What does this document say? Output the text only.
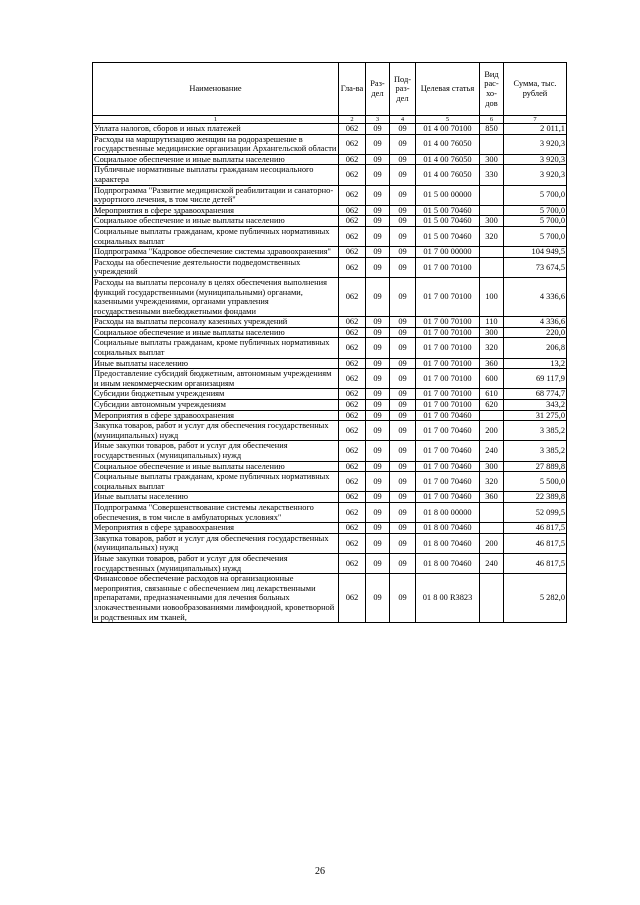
Наименование	Гла-ва	Раз-дел	Под-раз-дел	Целевая статья	Вид рас-хо-дов	Сумма, тыс. рублей
1	2	3	4	5	6	7
Уплата налогов, сборов и иных платежей	062	09	09	01 4 00 70100	850	2 011,1
Расходы на маршрутизацию женщин на родоразрешение в государственные медицинские организации Архангельской области	062	09	09	01 4 00 76050		3 920,3
Социальное обеспечение и иные выплаты населению	062	09	09	01 4 00 76050	300	3 920,3
Публичные нормативные выплаты гражданам несоциального характера	062	09	09	01 4 00 76050	330	3 920,3
Подпрограмма "Развитие медицинской реабилитации и санаторно-курортного лечения, в том числе детей"	062	09	09	01 5 00 00000		5 700,0
Мероприятия в сфере здравоохранения	062	09	09	01 5 00 70460		5 700,0
Социальное обеспечение и иные выплаты населению	062	09	09	01 5 00 70460	300	5 700,0
Социальные выплаты гражданам, кроме публичных нормативных социальных выплат	062	09	09	01 5 00 70460	320	5 700,0
Подпрограмма "Кадровое обеспечение системы здравоохранения"	062	09	09	01 7 00 00000		104 949,5
Расходы на обеспечение деятельности подведомственных учреждений	062	09	09	01 7 00 70100		73 674,5
Расходы на выплаты персоналу в целях обеспечения выполнения функций государственными (муниципальными) органами, казенными учреждениями, органами управления государственными внебюджетными фондами	062	09	09	01 7 00 70100	100	4 336,6
Расходы на выплаты персоналу казенных учреждений	062	09	09	01 7 00 70100	110	4 336,6
Социальное обеспечение и иные выплаты населению	062	09	09	01 7 00 70100	300	220,0
Социальные выплаты гражданам, кроме публичных нормативных социальных выплат	062	09	09	01 7 00 70100	320	206,8
Иные выплаты населению	062	09	09	01 7 00 70100	360	13,2
Предоставление субсидий бюджетным, автономным учреждениям и иным некоммерческим организациям	062	09	09	01 7 00 70100	600	69 117,9
Субсидии бюджетным учреждениям	062	09	09	01 7 00 70100	610	68 774,7
Субсидии автономным учреждениям	062	09	09	01 7 00 70100	620	343,2
Мероприятия в сфере здравоохранения	062	09	09	01 7 00 70460		31 275,0
Закупка товаров, работ и услуг для обеспечения государственных (муниципальных) нужд	062	09	09	01 7 00 70460	200	3 385,2
Иные закупки товаров, работ и услуг для обеспечения государственных (муниципальных) нужд	062	09	09	01 7 00 70460	240	3 385,2
Социальное обеспечение и иные выплаты населению	062	09	09	01 7 00 70460	300	27 889,8
Социальные выплаты гражданам, кроме публичных нормативных социальных выплат	062	09	09	01 7 00 70460	320	5 500,0
Иные выплаты населению	062	09	09	01 7 00 70460	360	22 389,8
Подпрограмма "Совершенствование системы лекарственного обеспечения, в том числе в амбулаторных условиях"	062	09	09	01 8 00 00000		52 099,5
Мероприятия в сфере здравоохранения	062	09	09	01 8 00 70460		46 817,5
Закупка товаров, работ и услуг для обеспечения государственных (муниципальных) нужд	062	09	09	01 8 00 70460	200	46 817,5
Иные закупки товаров, работ и услуг для обеспечения государственных (муниципальных) нужд	062	09	09	01 8 00 70460	240	46 817,5
Финансовое обеспечение расходов на организационные мероприятия, связанные с обеспечением лиц лекарственными препаратами, предназначенными для лечения больных злокачественными новообразованиями лимфоидной, кроветворной и родственных им тканей,	062	09	09	01 8 00 R3823		5 282,0
26
